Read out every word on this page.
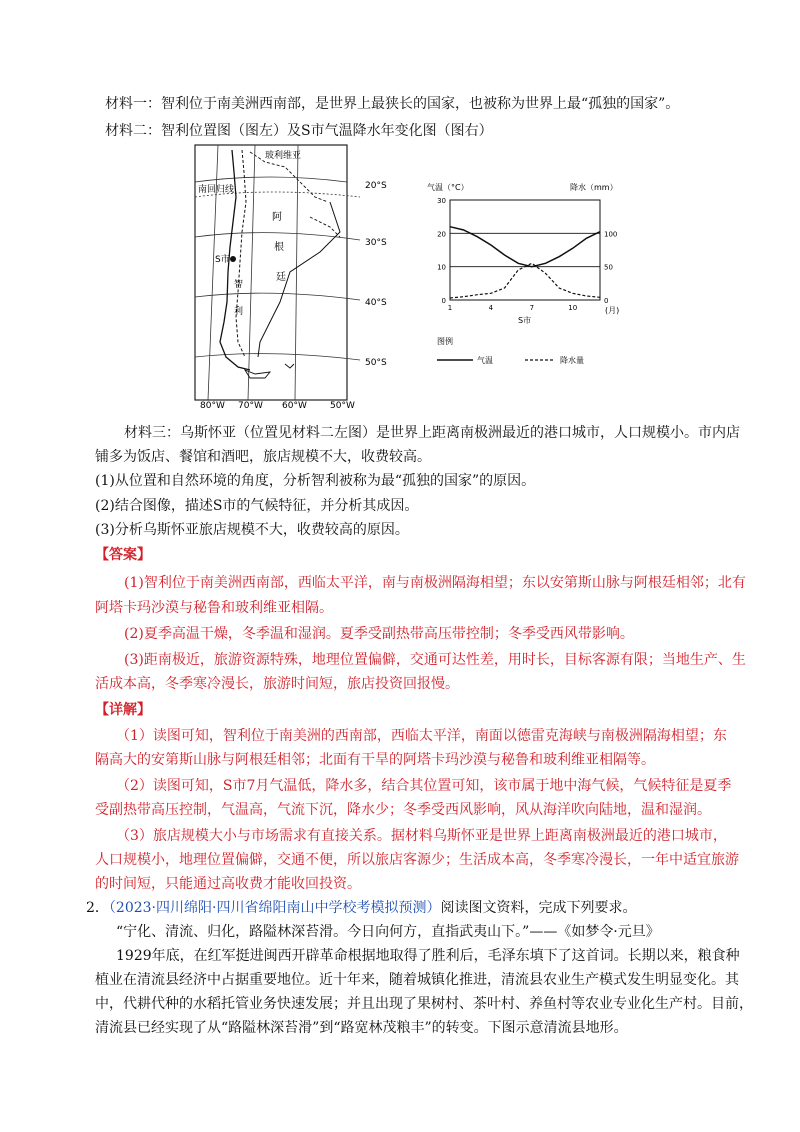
材料一：智利位于南美洲西南部，是世界上最狭长的国家，也被称为世界上最“孤独的国家”。
材料二：智利位置图（图左）及S市气温降水年变化图（图右）
玻利维亚
南回归线
阿
根
廷
智
利
S市
20°S
30°S
40°S
50°S
80°W 70°W 60°W	50°W
气温（°C）	降水（mm）
0
10
20
30
0
50
100
1	4	7	10	(月)
S市
图例
气温	降水量
材料三：乌斯怀亚（位置见材料二左图）是世界上距离南极洲最近的港口城市，人口规模小。市内店
铺多为饭店、餐馆和酒吧，旅店规模不大，收费较高。
(1)从位置和自然环境的角度，分析智利被称为最“孤独的国家”的原因。
(2)结合图像，描述S市的气候特征，并分析其成因。
(3)分析乌斯怀亚旅店规模不大，收费较高的原因。
【答案】
(1)智利位于南美洲西南部，西临太平洋，南与南极洲隔海相望；东以安第斯山脉与阿根廷相邻；北有
阿塔卡玛沙漠与秘鲁和玻利维亚相隔。
(2)夏季高温干燥，冬季温和湿润。夏季受副热带高压带控制；冬季受西风带影响。
(3)距南极近，旅游资源特殊，地理位置偏僻，交通可达性差，用时长，目标客源有限；当地生产、生
活成本高，冬季寒冷漫长，旅游时间短，旅店投资回报慢。
【详解】
（1）读图可知，智利位于南美洲的西南部，西临太平洋，南面以德雷克海峡与南极洲隔海相望；东
隔高大的安第斯山脉与阿根廷相邻；北面有干旱的阿塔卡玛沙漠与秘鲁和玻利维亚相隔等。
（2）读图可知，S市7月气温低，降水多，结合其位置可知，该市属于地中海气候，气候特征是夏季
受副热带高压控制，气温高，气流下沉，降水少；冬季受西风影响，风从海洋吹向陆地，温和湿润。
（3）旅店规模大小与市场需求有直接关系。据材料乌斯怀亚是世界上距离南极洲最近的港口城市，
人口规模小，地理位置偏僻，交通不便，所以旅店客源少；生活成本高，冬季寒冷漫长，一年中适宜旅游
的时间短，只能通过高收费才能收回投资。
2．（2023·四川绵阳·四川省绵阳南山中学校考模拟预测）阅读图文资料，完成下列要求。
“宁化、清流、归化，路隘林深苔滑。今日向何方，直指武夷山下。”——《如梦令·元旦》
1929年底，在红军挺进闽西开辟革命根据地取得了胜利后，毛泽东填下了这首词。长期以来，粮食种
植业在清流县经济中占据重要地位。近十年来，随着城镇化推进，清流县农业生产模式发生明显变化。其
中，代耕代种的水稻托管业务快速发展；并且出现了果树村、茶叶村、养鱼村等农业专业化生产村。目前，
清流县已经实现了从“路隘林深苔滑”到“路宽林茂粮丰”的转变。下图示意清流县地形。
